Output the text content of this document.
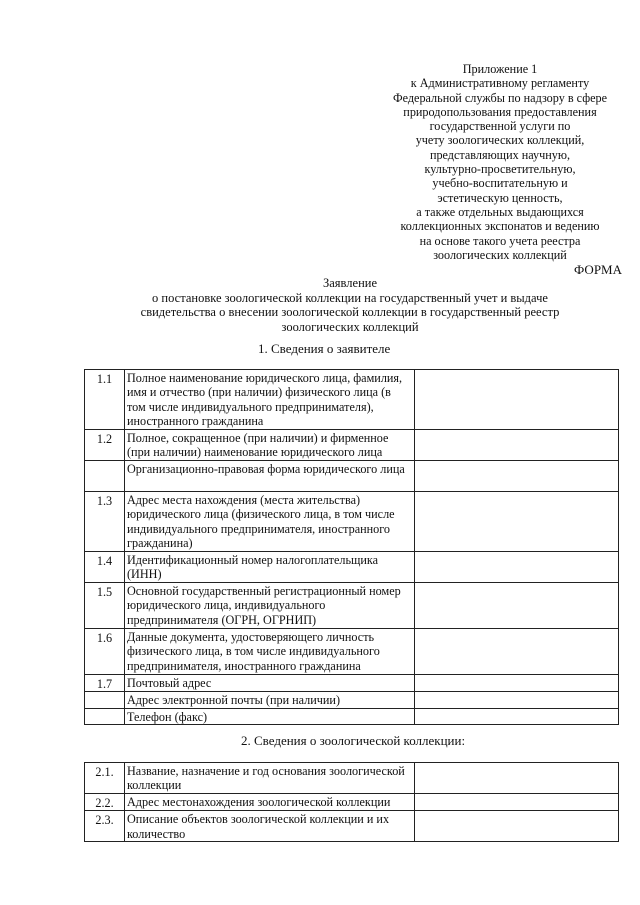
Приложение 1
к Административному регламенту
Федеральной службы по надзору в сфере
природопользования предоставления
государственной услуги по
учету зоологических коллекций,
представляющих научную,
культурно-просветительную,
учебно-воспитательную и
эстетическую ценность,
а также отдельных выдающихся
коллекционных экспонатов и ведению
на основе такого учета реестра
зоологических коллекций
ФОРМА
Заявление
о постановке зоологической коллекции на государственный учет и выдаче
свидетельства о внесении зоологической коллекции в государственный реестр
зоологических коллекций
1. Сведения о заявителе
1.1	Полное наименование юридического лица, фамилия, имя и отчество (при наличии) физического лица (в том числе индивидуального предпринимателя), иностранного гражданина	
1.2	Полное, сокращенное (при наличии) и фирменное (при наличии) наименование юридического лица	
	Организационно-правовая форма юридического лица	
1.3	Адрес места нахождения (места жительства) юридического лица (физического лица, в том числе индивидуального предпринимателя, иностранного гражданина)	
1.4	Идентификационный номер налогоплательщика (ИНН)	
1.5	Основной государственный регистрационный номер юридического лица, индивидуального предпринимателя (ОГРН, ОГРНИП)	
1.6	Данные документа, удостоверяющего личность физического лица, в том числе индивидуального предпринимателя, иностранного гражданина	
1.7	Почтовый адрес	
	Адрес электронной почты (при наличии)	
	Телефон (факс)	
2. Сведения о зоологической коллекции:
2.1.	Название, назначение и год основания зоологической коллекции	
2.2.	Адрес местонахождения зоологической коллекции	
2.3.	Описание объектов зоологической коллекции и их количество	
